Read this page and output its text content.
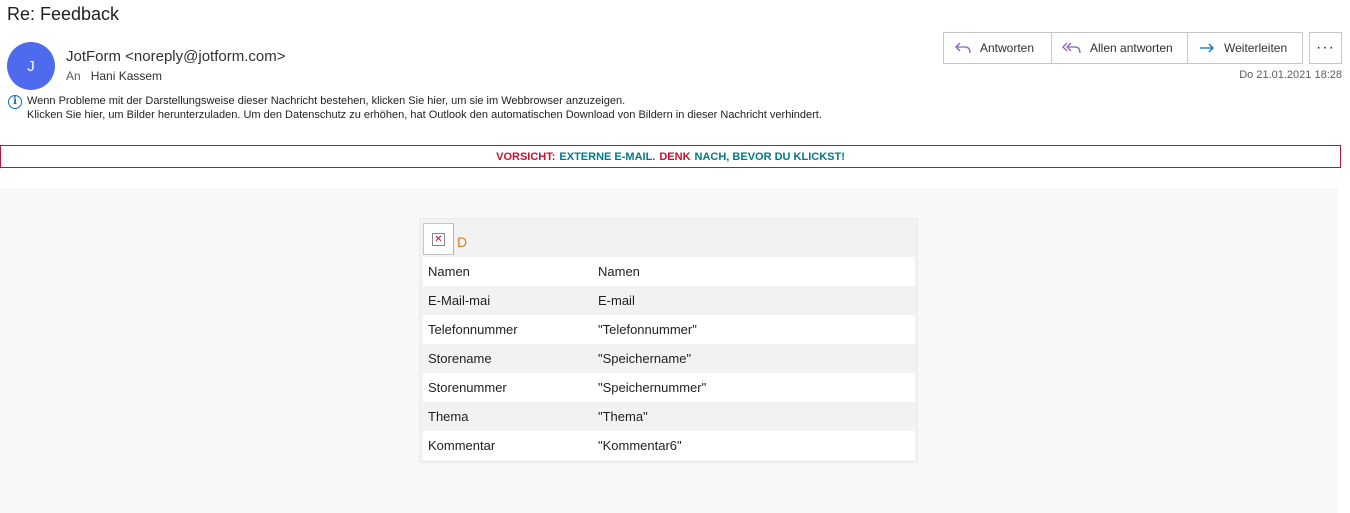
Re: Feedback
J
JotForm <noreply@jotform.com>
An Hani Kassem
Antworten	Allen antworten	Weiterleiten ···
Do 21.01.2021 18:28
i Wenn Probleme mit der Darstellungsweise dieser Nachricht bestehen, klicken Sie hier, um sie im Webbrowser anzuzeigen.
Klicken Sie hier, um Bilder herunterzuladen. Um den Datenschutz zu erhöhen, hat Outlook den automatischen Download von Bildern in dieser Nachricht verhindert.
VORSICHT: EXTERNE E-MAIL. DENK NACH, BEVOR DU KLICKST!
✕ D
Namen	Namen
E-Mail-mai	E-mail
Telefonnummer	"Telefonnummer"
Storename	"Speichername"
Storenummer	"Speichernummer"
Thema	"Thema"
Kommentar	"Kommentar6"
